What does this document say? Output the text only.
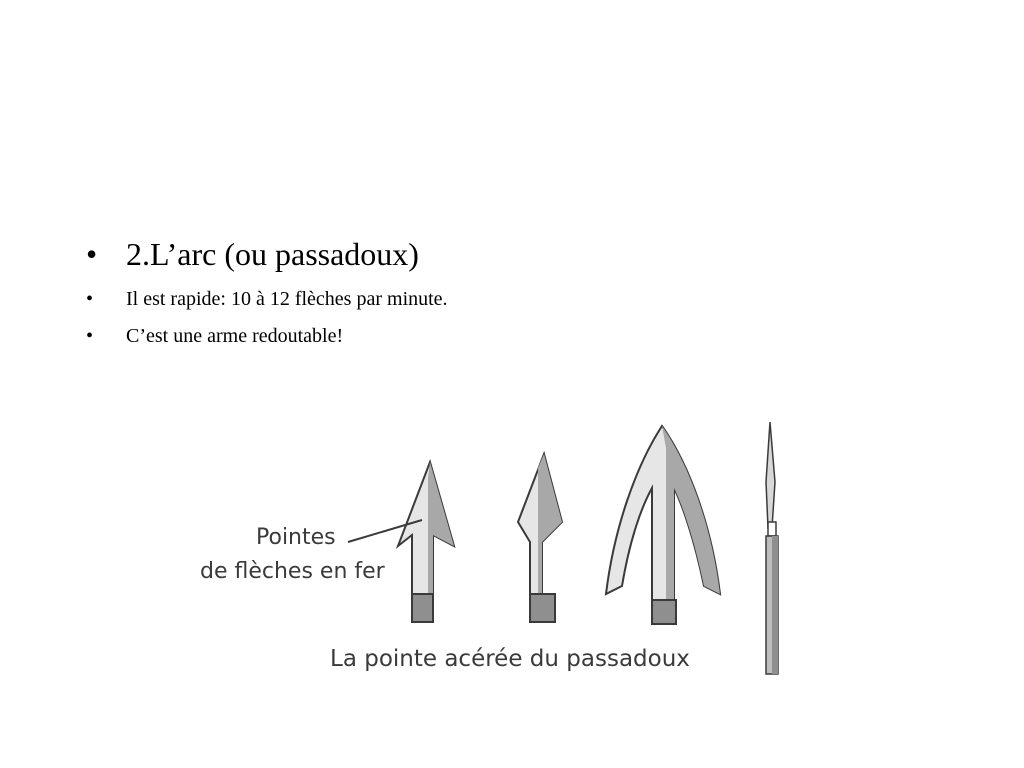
• 2.L’arc (ou passadoux)
• Il est rapide: 10 à 12 flèches par minute.
• C’est une arme redoutable!
Pointes
de flèches en fer
La pointe acérée du passadoux
